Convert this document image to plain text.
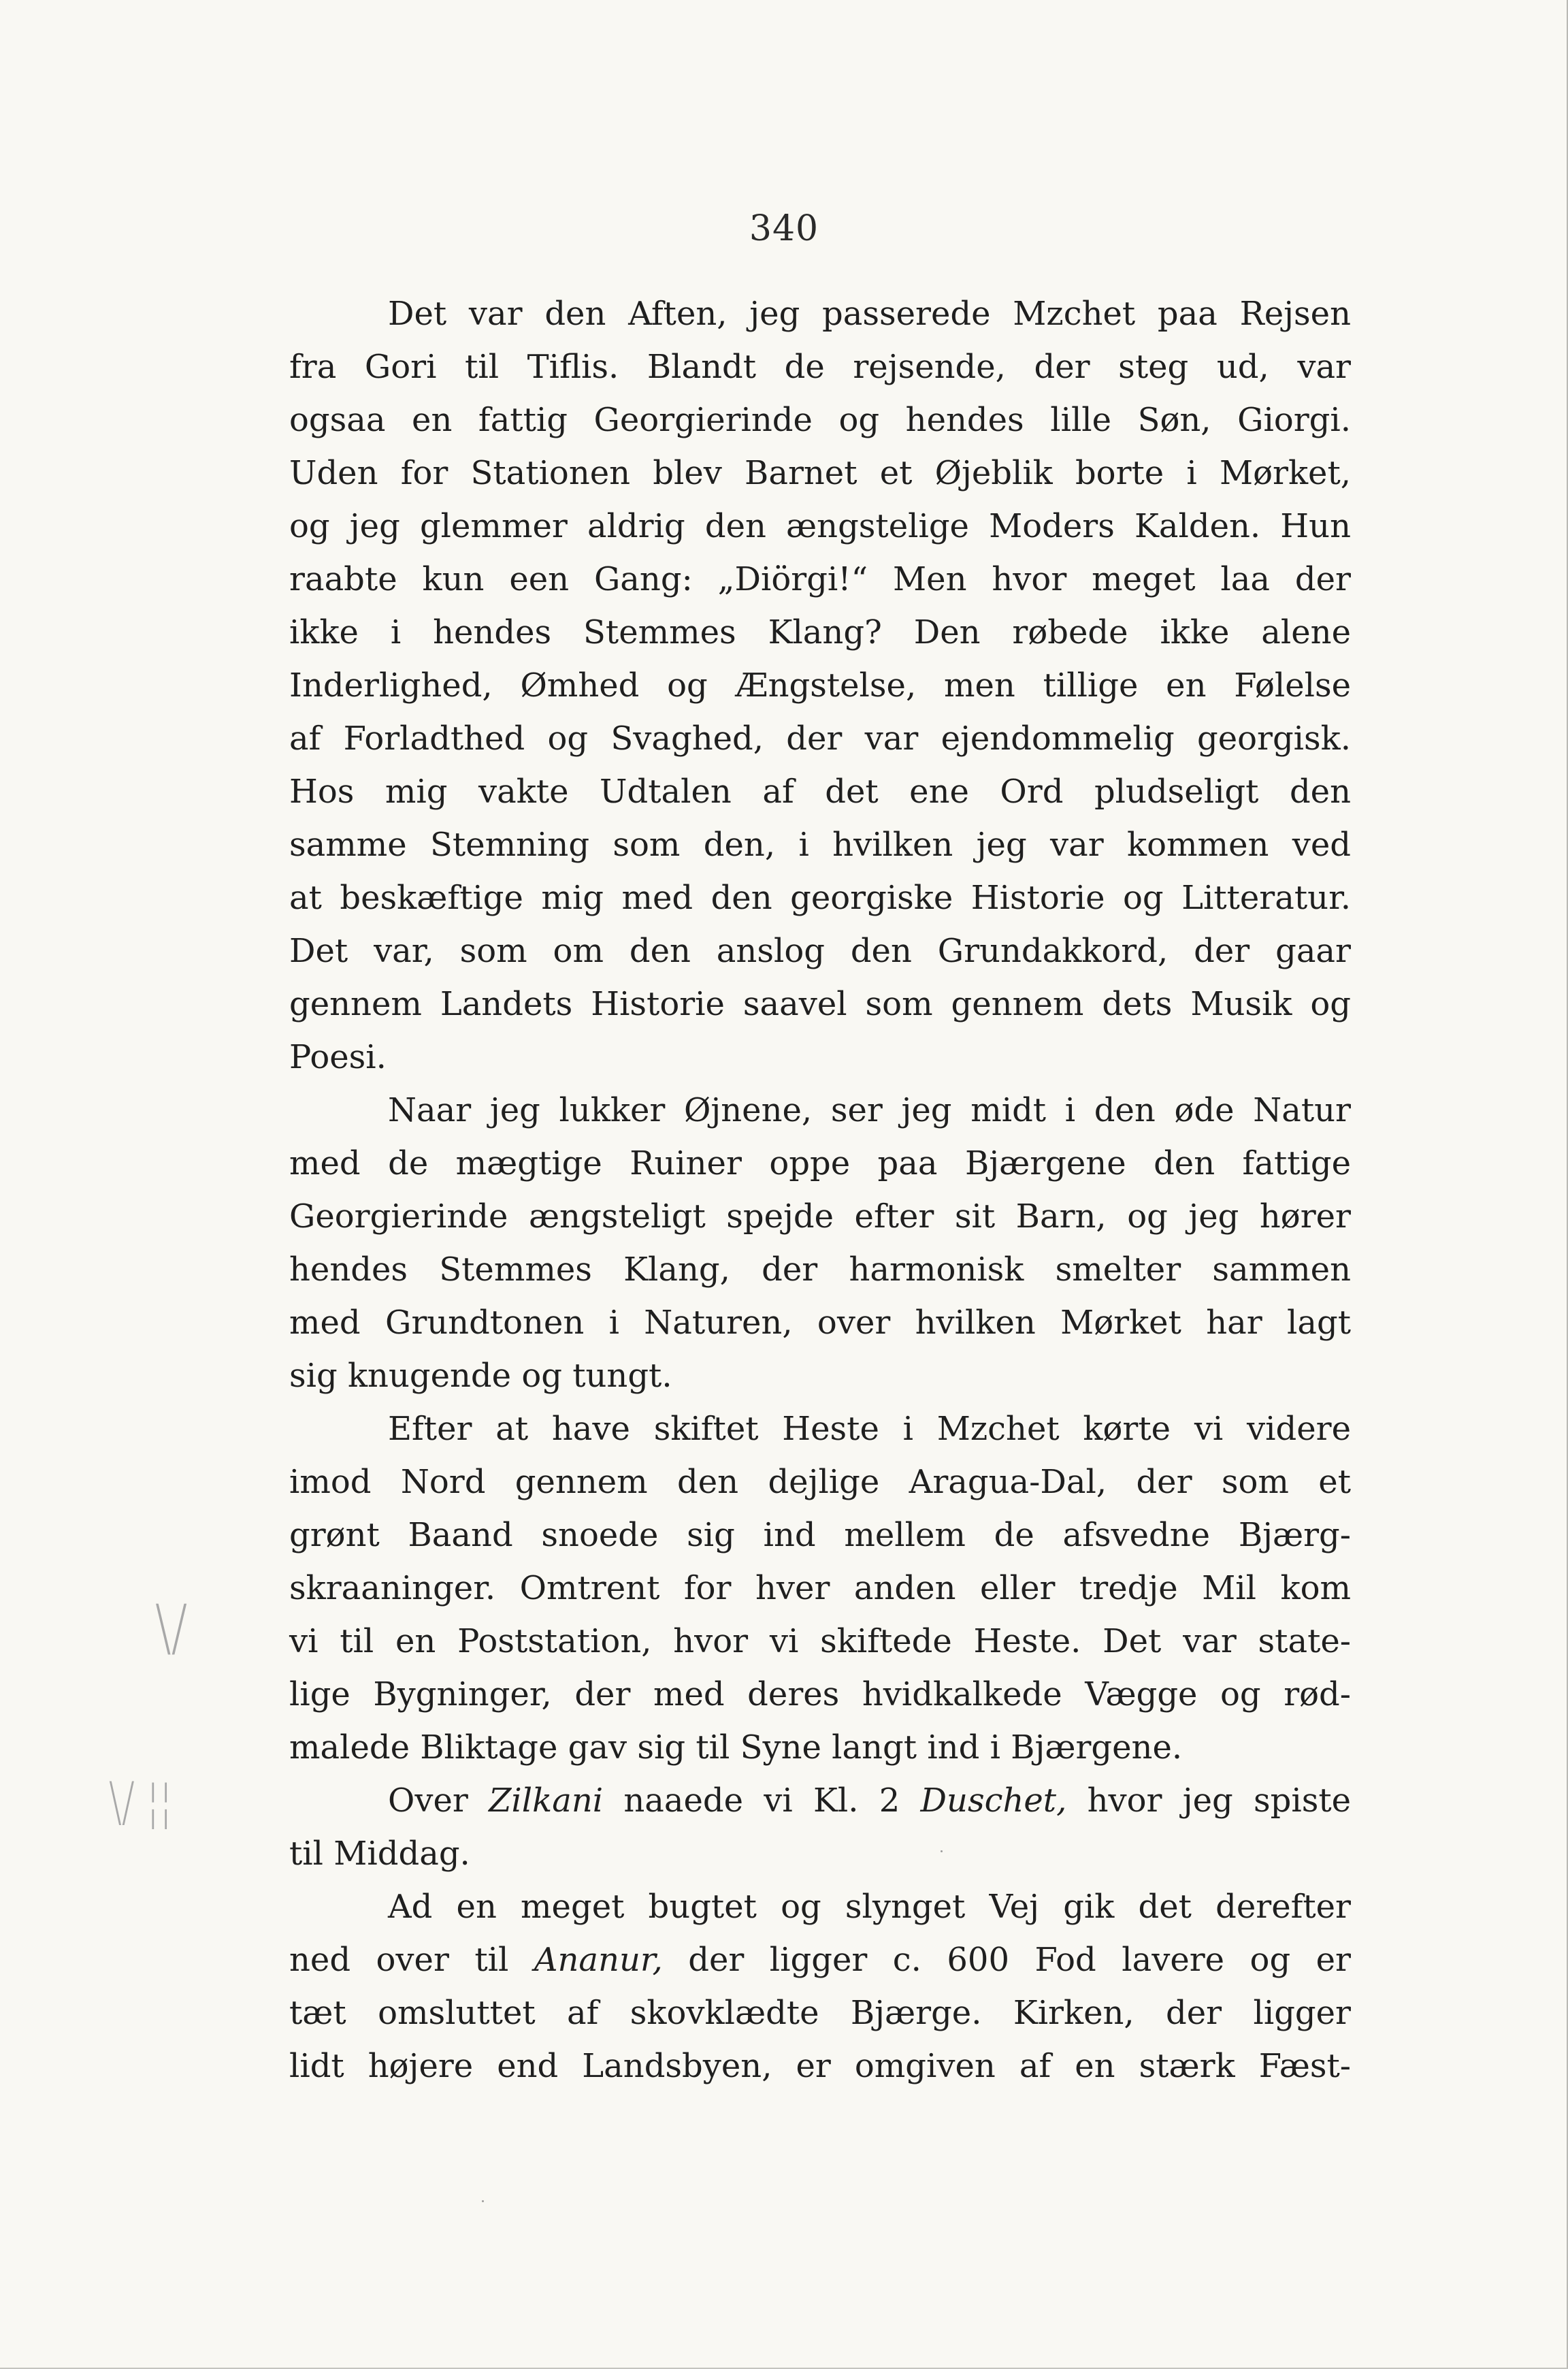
340
\/
\/ ¦¦
Det var den Aften, jeg passerede Mzchet paa Rejsen
fra Gori til Tiflis. Blandt de rejsende, der steg ud, var
ogsaa en fattig Georgierinde og hendes lille Søn, Giorgi.
Uden for Stationen blev Barnet et Øjeblik borte i Mørket,
og jeg glemmer aldrig den ængstelige Moders Kalden. Hun
raabte kun een Gang: „Diörgi!“ Men hvor meget laa der
ikke i hendes Stemmes Klang? Den røbede ikke alene
Inderlighed, Ømhed og Ængstelse, men tillige en Følelse
af Forladthed og Svaghed, der var ejendommelig georgisk.
Hos mig vakte Udtalen af det ene Ord pludseligt den
samme Stemning som den, i hvilken jeg var kommen ved
at beskæftige mig med den georgiske Historie og Litteratur.
Det var, som om den anslog den Grundakkord, der gaar
gennem Landets Historie saavel som gennem dets Musik og
Poesi.
Naar jeg lukker Øjnene, ser jeg midt i den øde Natur
med de mægtige Ruiner oppe paa Bjærgene den fattige
Georgierinde ængsteligt spejde efter sit Barn, og jeg hører
hendes Stemmes Klang, der harmonisk smelter sammen
med Grundtonen i Naturen, over hvilken Mørket har lagt
sig knugende og tungt.
Efter at have skiftet Heste i Mzchet kørte vi videre
imod Nord gennem den dejlige Aragua-Dal, der som et
grønt Baand snoede sig ind mellem de afsvedne Bjærg-
skraaninger. Omtrent for hver anden eller tredje Mil kom
vi til en Poststation, hvor vi skiftede Heste. Det var state-
lige Bygninger, der med deres hvidkalkede Vægge og rød-
malede Bliktage gav sig til Syne langt ind i Bjærgene.
Over Zilkani naaede vi Kl. 2 Duschet, hvor jeg spiste
til Middag.
Ad en meget bugtet og slynget Vej gik det derefter
ned over til Ananur, der ligger c. 600 Fod lavere og er
tæt omsluttet af skovklædte Bjærge. Kirken, der ligger
lidt højere end Landsbyen, er omgiven af en stærk Fæst-
